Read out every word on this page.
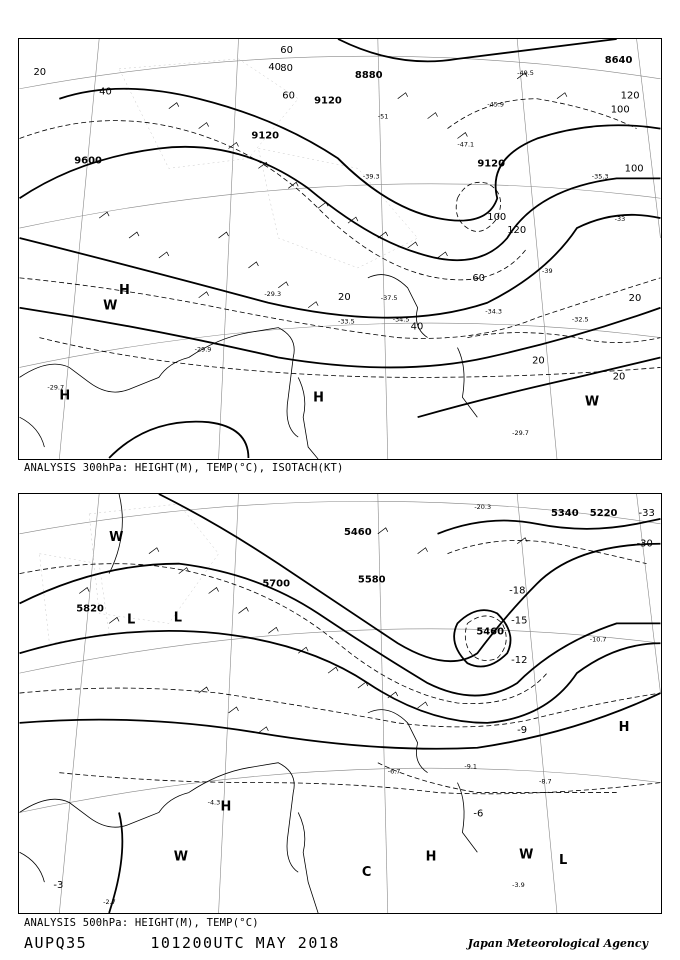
9600
9120
9120
9120
8880
8640
20
40
60
80
100
120
60
40
20
20
20
20
40
60
100
100
120
-45.9
-47.1
-49.5
-51
-39.3
-37.5
-34.5
-33.5	-32.5
-34.3
-29.9
-29.3
-29.7
-29.7
-35.3
-33
-39
H
H	H
W
W
ANALYSIS 300hPa: HEIGHT(M), TEMP(°C), ISOTACH(KT)
5820
5700	5580
5460
5340 5220
5460
-33
-30
-18
-15
-12
-9
-6
-3
-8.7
-9.1
-10.7
-6.7
-4.3
-3.9
-2.7
-20.3
L	L
W
H
H
H
C
W	W L
ANALYSIS 500hPa: HEIGHT(M), TEMP(°C)
AUPQ35	101200UTC MAY 2018	Japan Meteorological Agency
